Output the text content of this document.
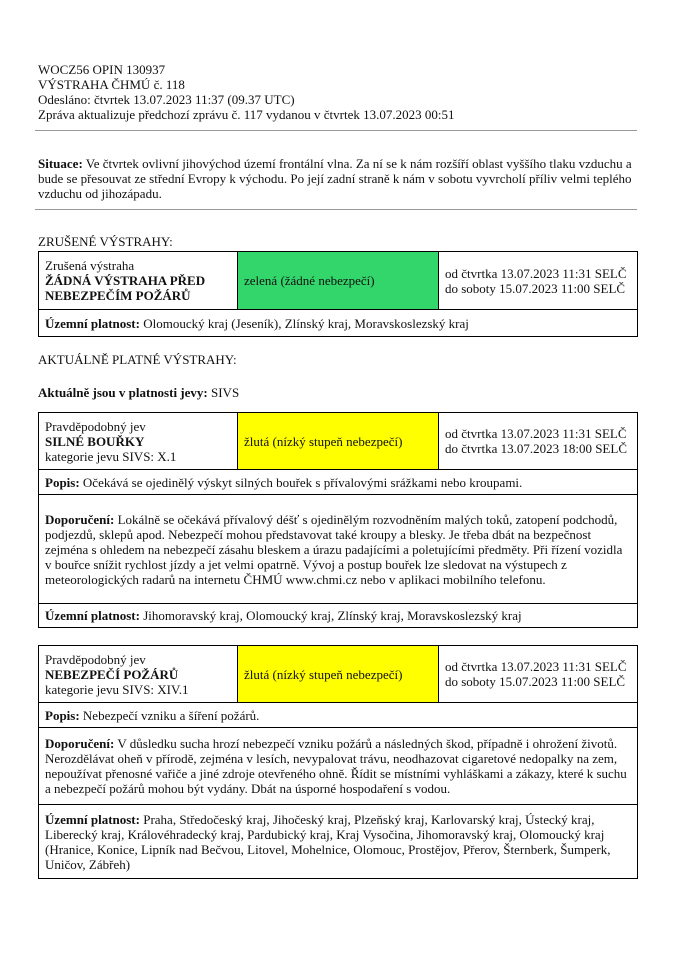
WOCZ56 OPIN 130937
VÝSTRAHA ČHMÚ č. 118
Odesláno: čtvrtek 13.07.2023 11:37 (09.37 UTC)
Zpráva aktualizuje předchozí zprávu č. 117 vydanou v čtvrtek 13.07.2023 00:51
Situace: Ve čtvrtek ovlivní jihovýchod území frontální vlna. Za ní se k nám rozšíří oblast vyššího tlaku vzduchu a bude se přesouvat ze střední Evropy k východu. Po její zadní straně k nám v sobotu vyvrcholí příliv velmi teplého vzduchu od jihozápadu.
ZRUŠENÉ VÝSTRAHY:
Zrušená výstraha
ŽÁDNÁ VÝSTRAHA PŘED NEBEZPEČÍM POŽÁRŮ
	zelená (žádné nebezpečí)	od čtvrtka 13.07.2023 11:31 SELČ
do soboty 15.07.2023 11:00 SELČ

Územní platnost: Olomoucký kraj (Jeseník), Zlínský kraj, Moravskoslezský kraj
AKTUÁLNĚ PLATNÉ VÝSTRAHY:
Aktuálně jsou v platnosti jevy: SIVS
Pravděpodobný jev
SILNÉ BOUŘKY
kategorie jevu SIVS: X.1
	žlutá (nízký stupeň nebezpečí)	od čtvrtka 13.07.2023 11:31 SELČ
do čtvrtka 13.07.2023 18:00 SELČ

Popis: Očekává se ojedinělý výskyt silných bouřek s přívalovými srážkami nebo kroupami.
Doporučení: Lokálně se očekává přívalový déšť s ojedinělým rozvodněním malých toků, zatopení podchodů, podjezdů, sklepů apod. Nebezpečí mohou představovat také kroupy a blesky. Je třeba dbát na bezpečnost zejména s ohledem na nebezpečí zásahu bleskem a úrazu padajícími a poletujícími předměty. Při řízení vozidla v bouřce snížit rychlost jízdy a jet velmi opatrně. Vývoj a postup bouřek lze sledovat na výstupech z meteorologických radarů na internetu ČHMÚ www.chmi.cz nebo v aplikaci mobilního telefonu.
Územní platnost: Jihomoravský kraj, Olomoucký kraj, Zlínský kraj, Moravskoslezský kraj
Pravděpodobný jev
NEBEZPEČÍ POŽÁRŮ
kategorie jevu SIVS: XIV.1
	žlutá (nízký stupeň nebezpečí)	od čtvrtka 13.07.2023 11:31 SELČ
do soboty 15.07.2023 11:00 SELČ

Popis: Nebezpečí vzniku a šíření požárů.
Doporučení: V důsledku sucha hrozí nebezpečí vzniku požárů a následných škod, případně i ohrožení životů. Nerozdělávat oheň v přírodě, zejména v lesích, nevypalovat trávu, neodhazovat cigaretové nedopalky na zem, nepoužívat přenosné vařiče a jiné zdroje otevřeného ohně. Řídit se místními vyhláškami a zákazy, které k suchu a nebezpečí požárů mohou být vydány. Dbát na úsporné hospodaření s vodou.
Územní platnost: Praha, Středočeský kraj, Jihočeský kraj, Plzeňský kraj, Karlovarský kraj, Ústecký kraj, Liberecký kraj, Královéhradecký kraj, Pardubický kraj, Kraj Vysočina, Jihomoravský kraj, Olomoucký kraj (Hranice, Konice, Lipník nad Bečvou, Litovel, Mohelnice, Olomouc, Prostějov, Přerov, Šternberk, Šumperk, Uničov, Zábřeh)
